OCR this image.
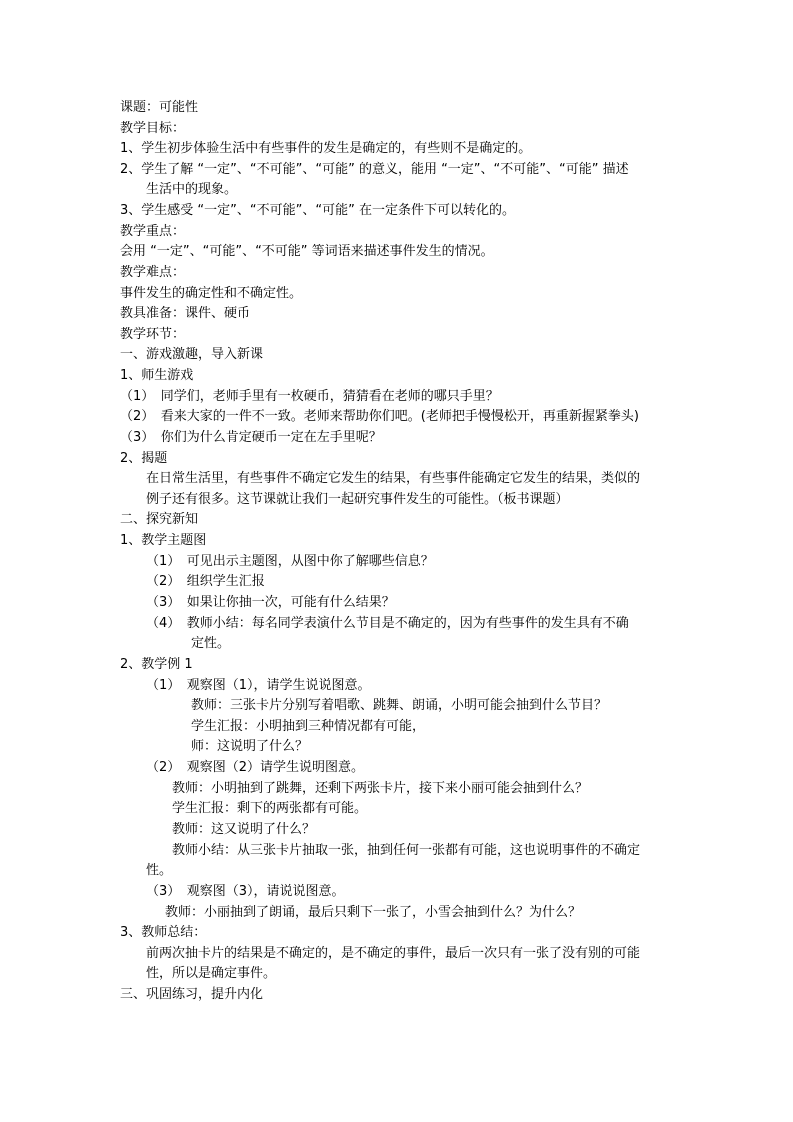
课题：可能性
教学目标：
1、学生初步体验生活中有些事件的发生是确定的，有些则不是确定的。
2、学生了解 “一定”、“不可能”、“可能” 的意义，能用 “一定”、“不可能”、“可能” 描述
生活中的现象。
3、学生感受 “一定”、“不可能”、“可能” 在一定条件下可以转化的。
教学重点：
会用 “一定”、“可能”、“不可能” 等词语来描述事件发生的情况。
教学难点：
事件发生的确定性和不确定性。
教具准备：课件、硬币
教学环节：
一、游戏激趣，导入新课
1、师生游戏
（1）　同学们，老师手里有一枚硬币，猜猜看在老师的哪只手里？
（2）　看来大家的一件不一致。老师来帮助你们吧。(老师把手慢慢松开，再重新握紧拳头)
（3）　你们为什么肯定硬币一定在左手里呢？
2、揭题
在日常生活里，有些事件不确定它发生的结果，有些事件能确定它发生的结果，类似的
例子还有很多。这节课就让我们一起研究事件发生的可能性。（板书课题）
二、探究新知
1、教学主题图
（1）　可见出示主题图，从图中你了解哪些信息？
（2）　组织学生汇报
（3）　如果让你抽一次，可能有什么结果？
（4）　教师小结：每名同学表演什么节目是不确定的，因为有些事件的发生具有不确
定性。
2、教学例 1
（1）　观察图（1），请学生说说图意。
教师：三张卡片分别写着唱歌、跳舞、朗诵，小明可能会抽到什么节目？
学生汇报：小明抽到三种情况都有可能，
师：这说明了什么？
（2）　观察图（2）请学生说明图意。
教师：小明抽到了跳舞，还剩下两张卡片，接下来小丽可能会抽到什么？
学生汇报：剩下的两张都有可能。
教师：这又说明了什么？
教师小结：从三张卡片抽取一张，抽到任何一张都有可能，这也说明事件的不确定
性。
（3）　观察图（3），请说说图意。
教师：小丽抽到了朗诵，最后只剩下一张了，小雪会抽到什么？为什么？
3、教师总结：
前两次抽卡片的结果是不确定的，是不确定的事件，最后一次只有一张了没有别的可能
性，所以是确定事件。
三、巩固练习，提升内化
